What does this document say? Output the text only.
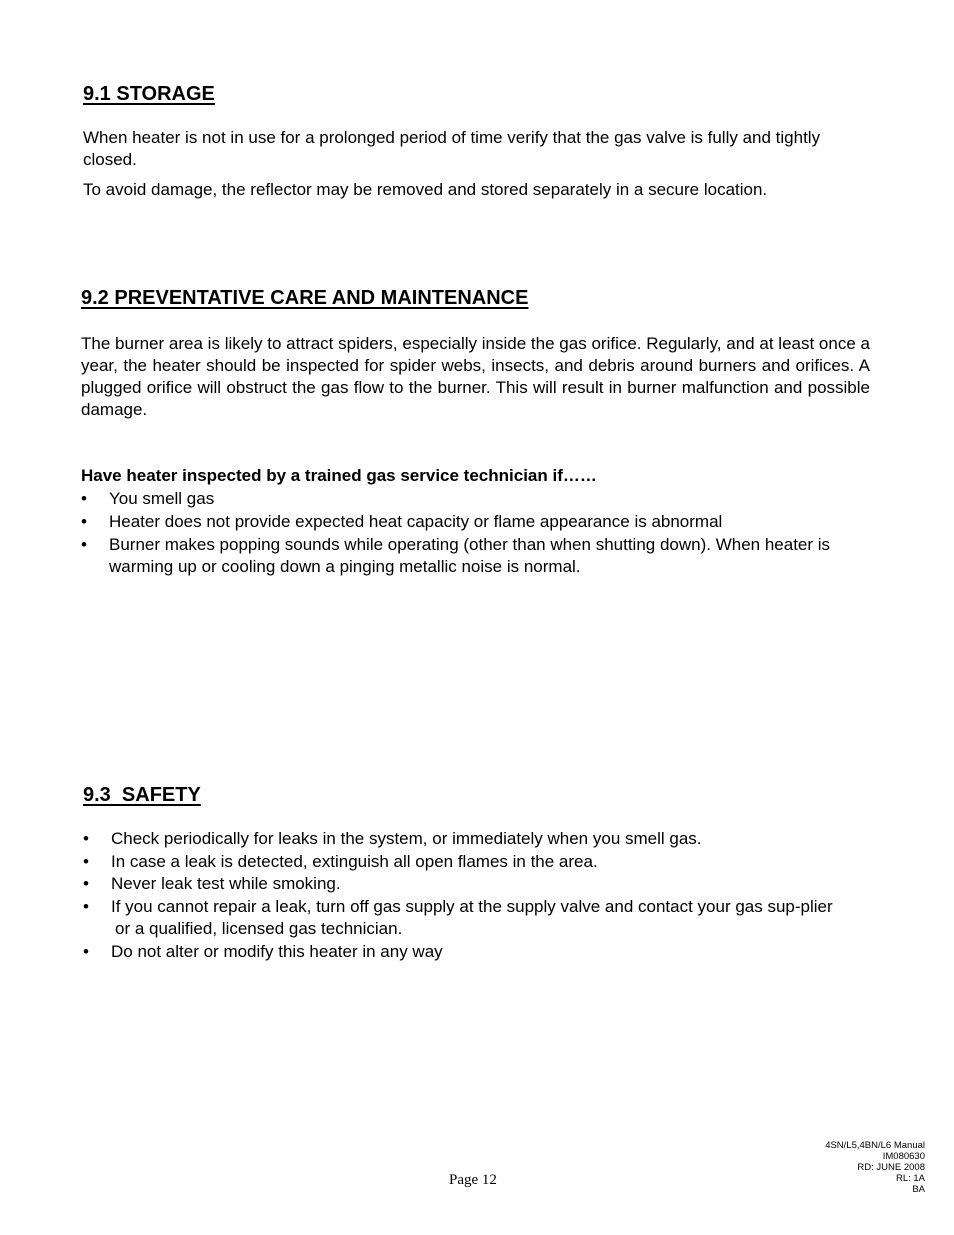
9.1 STORAGE

When heater is not in use for a prolonged period of time verify that the gas valve is fully and tightly closed.

To avoid damage, the reflector may be removed and stored separately in a secure location.

9.2 PREVENTATIVE CARE AND MAINTENANCE

The burner area is likely to attract spiders, especially inside the gas orifice. Regularly, and at least once a year, the heater should be inspected for spider webs, insects, and debris around burners and orifices. A plugged orifice will obstruct the gas flow to the burner. This will result in burner malfunction and possible damage.

Have heater inspected by a trained gas service technician if……

• You smell gas
• Heater does not provide expected heat capacity or flame appearance is abnormal
• Burner makes popping sounds while operating (other than when shutting down). When heater is warming up or cooling down a pinging metallic noise is normal.
9.3  SAFETY
• Check periodically for leaks in the system, or immediately when you smell gas.
• In case a leak is detected, extinguish all open flames in the area.
• Never leak test while smoking.
• If you cannot repair a leak, turn off gas supply at the supply valve and contact your gas sup-plier
or a qualified, licensed gas technician.
• Do not alter or modify this heater in any way
Page 12
4SN/L5,4BN/L6 Manual
IM080630
RD: JUNE 2008
RL: 1A
BA
